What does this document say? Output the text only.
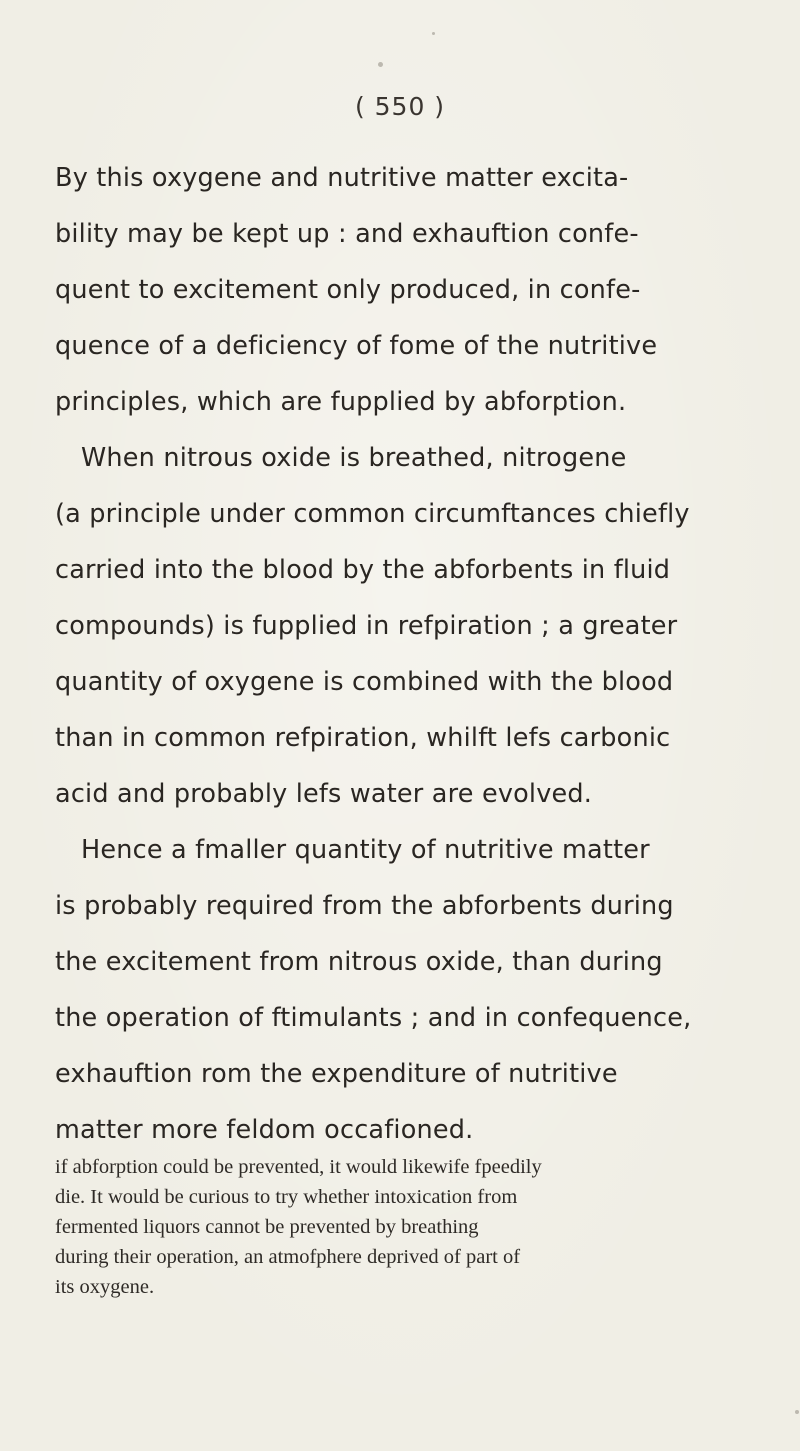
( 550 )
By this oxygene and nutritive matter excita-
bility may be kept up : and exhauftion confe-
quent to excitement only produced, in confe-
quence of a deficiency of fome of the nutritive
principles, which are fupplied by abforption.
When nitrous oxide is breathed, nitrogene
(a principle under common circumftances chiefly
carried into the blood by the abforbents in fluid
compounds) is fupplied in refpiration ; a greater
quantity of oxygene is combined with the blood
than in common refpiration, whilft lefs carbonic
acid and probably lefs water are evolved.
Hence a fmaller quantity of nutritive matter
is probably required from the abforbents during
the excitement from nitrous oxide, than during
the operation of ftimulants ; and in confequence,
exhauftion rom the expenditure of nutritive
matter more feldom occafioned.
if abforption could be prevented, it would likewife fpeedily
die. It would be curious to try whether intoxication from
fermented liquors cannot be prevented by breathing
during their operation, an atmofphere deprived of part of
its oxygene.
